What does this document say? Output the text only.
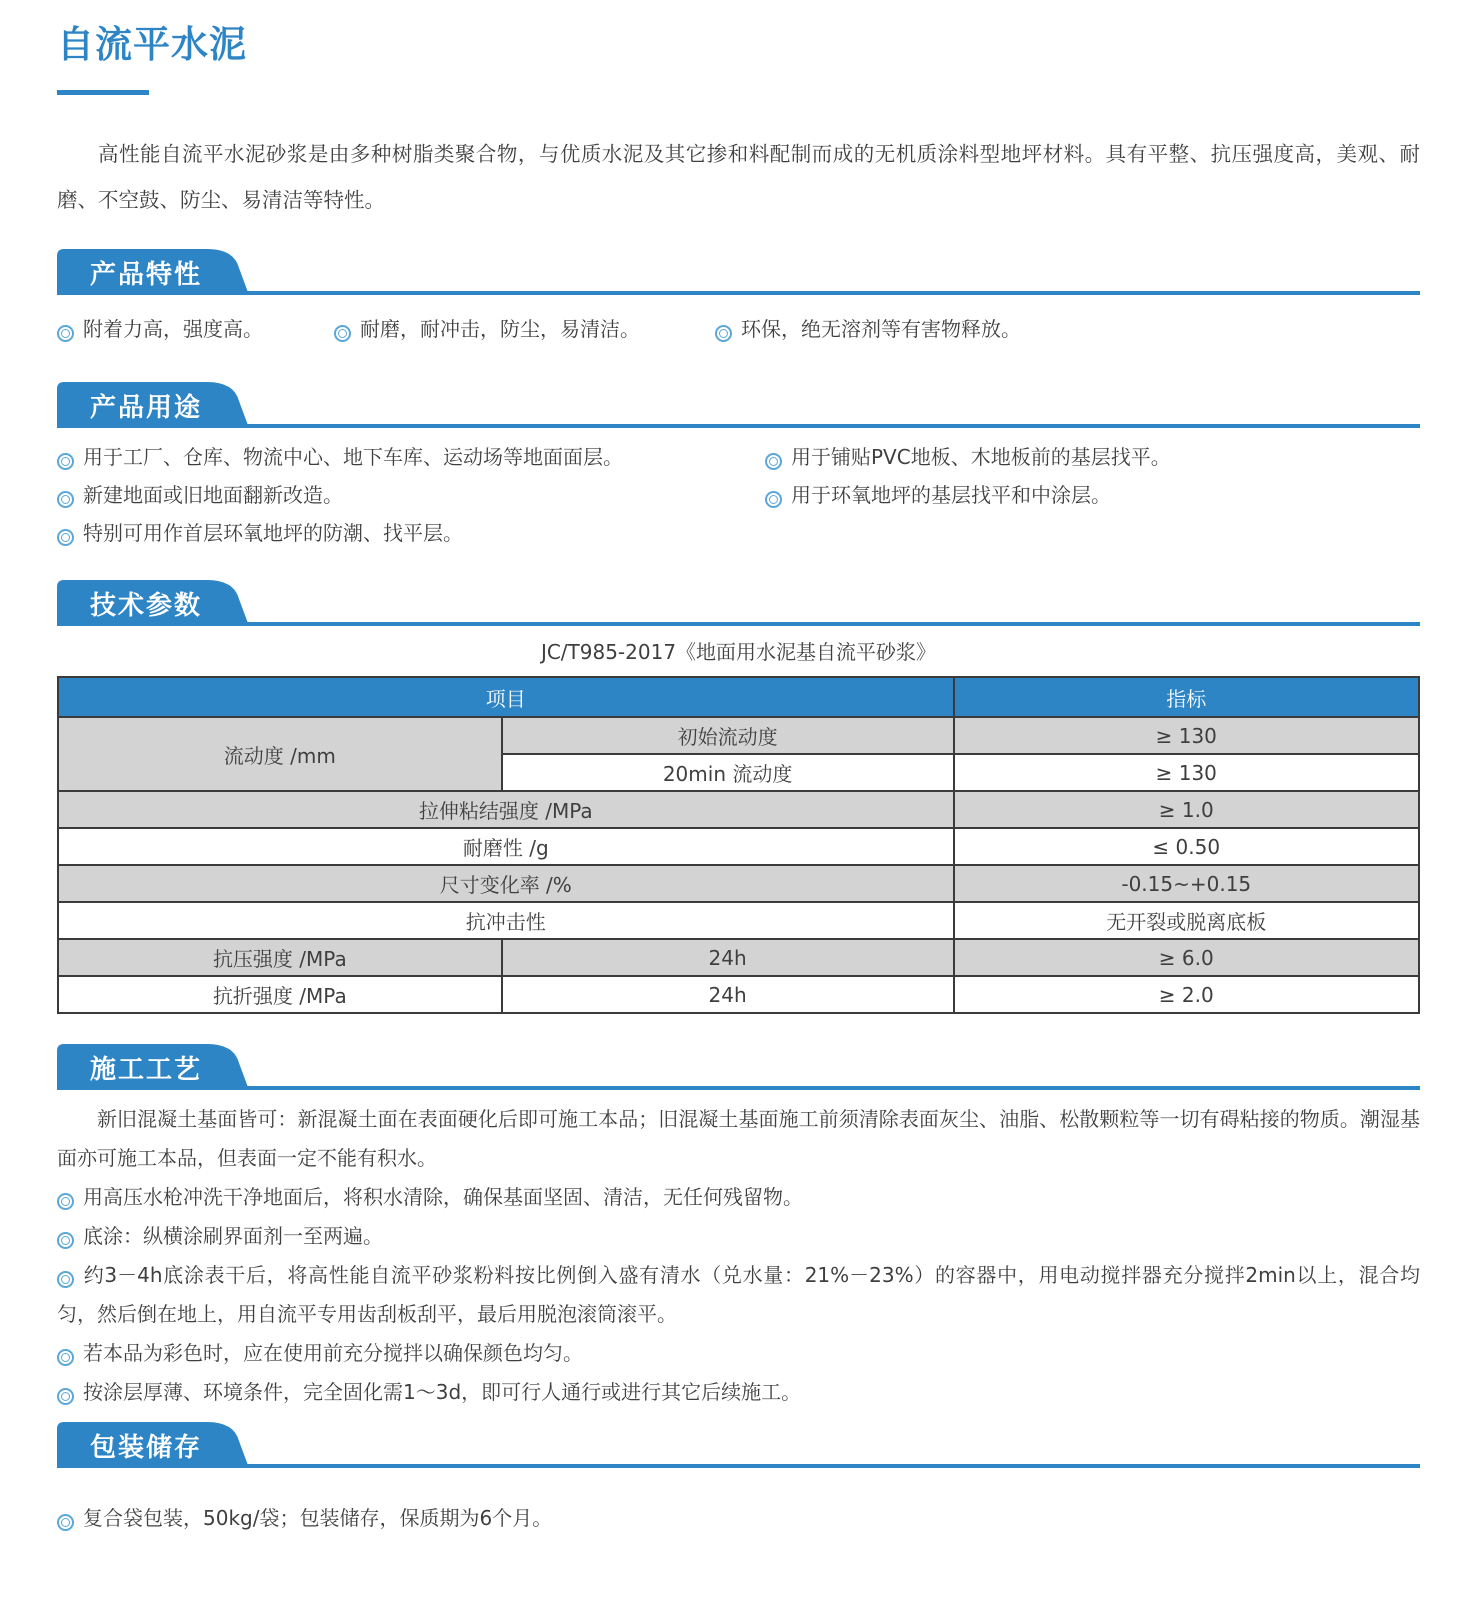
自流平水泥

高性能自流平水泥砂浆是由多种树脂类聚合物，与优质水泥及其它掺和料配制而成的无机质涂料型地坪材料。具有平整、抗压强度高，美观、耐磨、不空鼓、防尘、易清洁等特性。

产品特性
附着力高，强度高。	耐磨，耐冲击，防尘，易清洁。	环保，绝无溶剂等有害物释放。
产品用途
用于工厂、仓库、物流中心、地下车库、运动场等地面面层。
新建地面或旧地面翻新改造。
特别可用作首层环氧地坪的防潮、找平层。
用于铺贴PVC地板、木地板前的基层找平。
用于环氧地坪的基层找平和中涂层。
技术参数

JC/T985-2017《地面用水泥基自流平砂浆》

项目		指标
流动度 /mm	初始流动度	≥ 130
	20min 流动度	≥ 130
拉伸粘结强度 /MPa		≥ 1.0
耐磨性 /g		≤ 0.50
尺寸变化率 /%		-0.15~+0.15
抗冲击性		无开裂或脱离底板
抗压强度 /MPa	24h	≥ 6.0
抗折强度 /MPa	24h	≥ 2.0
施工工艺

新旧混凝土基面皆可：新混凝土面在表面硬化后即可施工本品；旧混凝土基面施工前须清除表面灰尘、油脂、松散颗粒等一切有碍粘接的物质。潮湿基面亦可施工本品，但表面一定不能有积水。

用高压水枪冲洗干净地面后，将积水清除，确保基面坚固、清洁，无任何残留物。
底涂：纵横涂刷界面剂一至两遍。
约3－4h底涂表干后，将高性能自流平砂浆粉料按比例倒入盛有清水（兑水量：21%－23%）的容器中，用电动搅拌器充分搅拌2min以上，混合均匀，然后倒在地上，用自流平专用齿刮板刮平，最后用脱泡滚筒滚平。
若本品为彩色时，应在使用前充分搅拌以确保颜色均匀。
按涂层厚薄、环境条件，完全固化需1～3d，即可行人通行或进行其它后续施工。
包装储存
复合袋包装，50kg/袋；包装储存，保质期为6个月。
